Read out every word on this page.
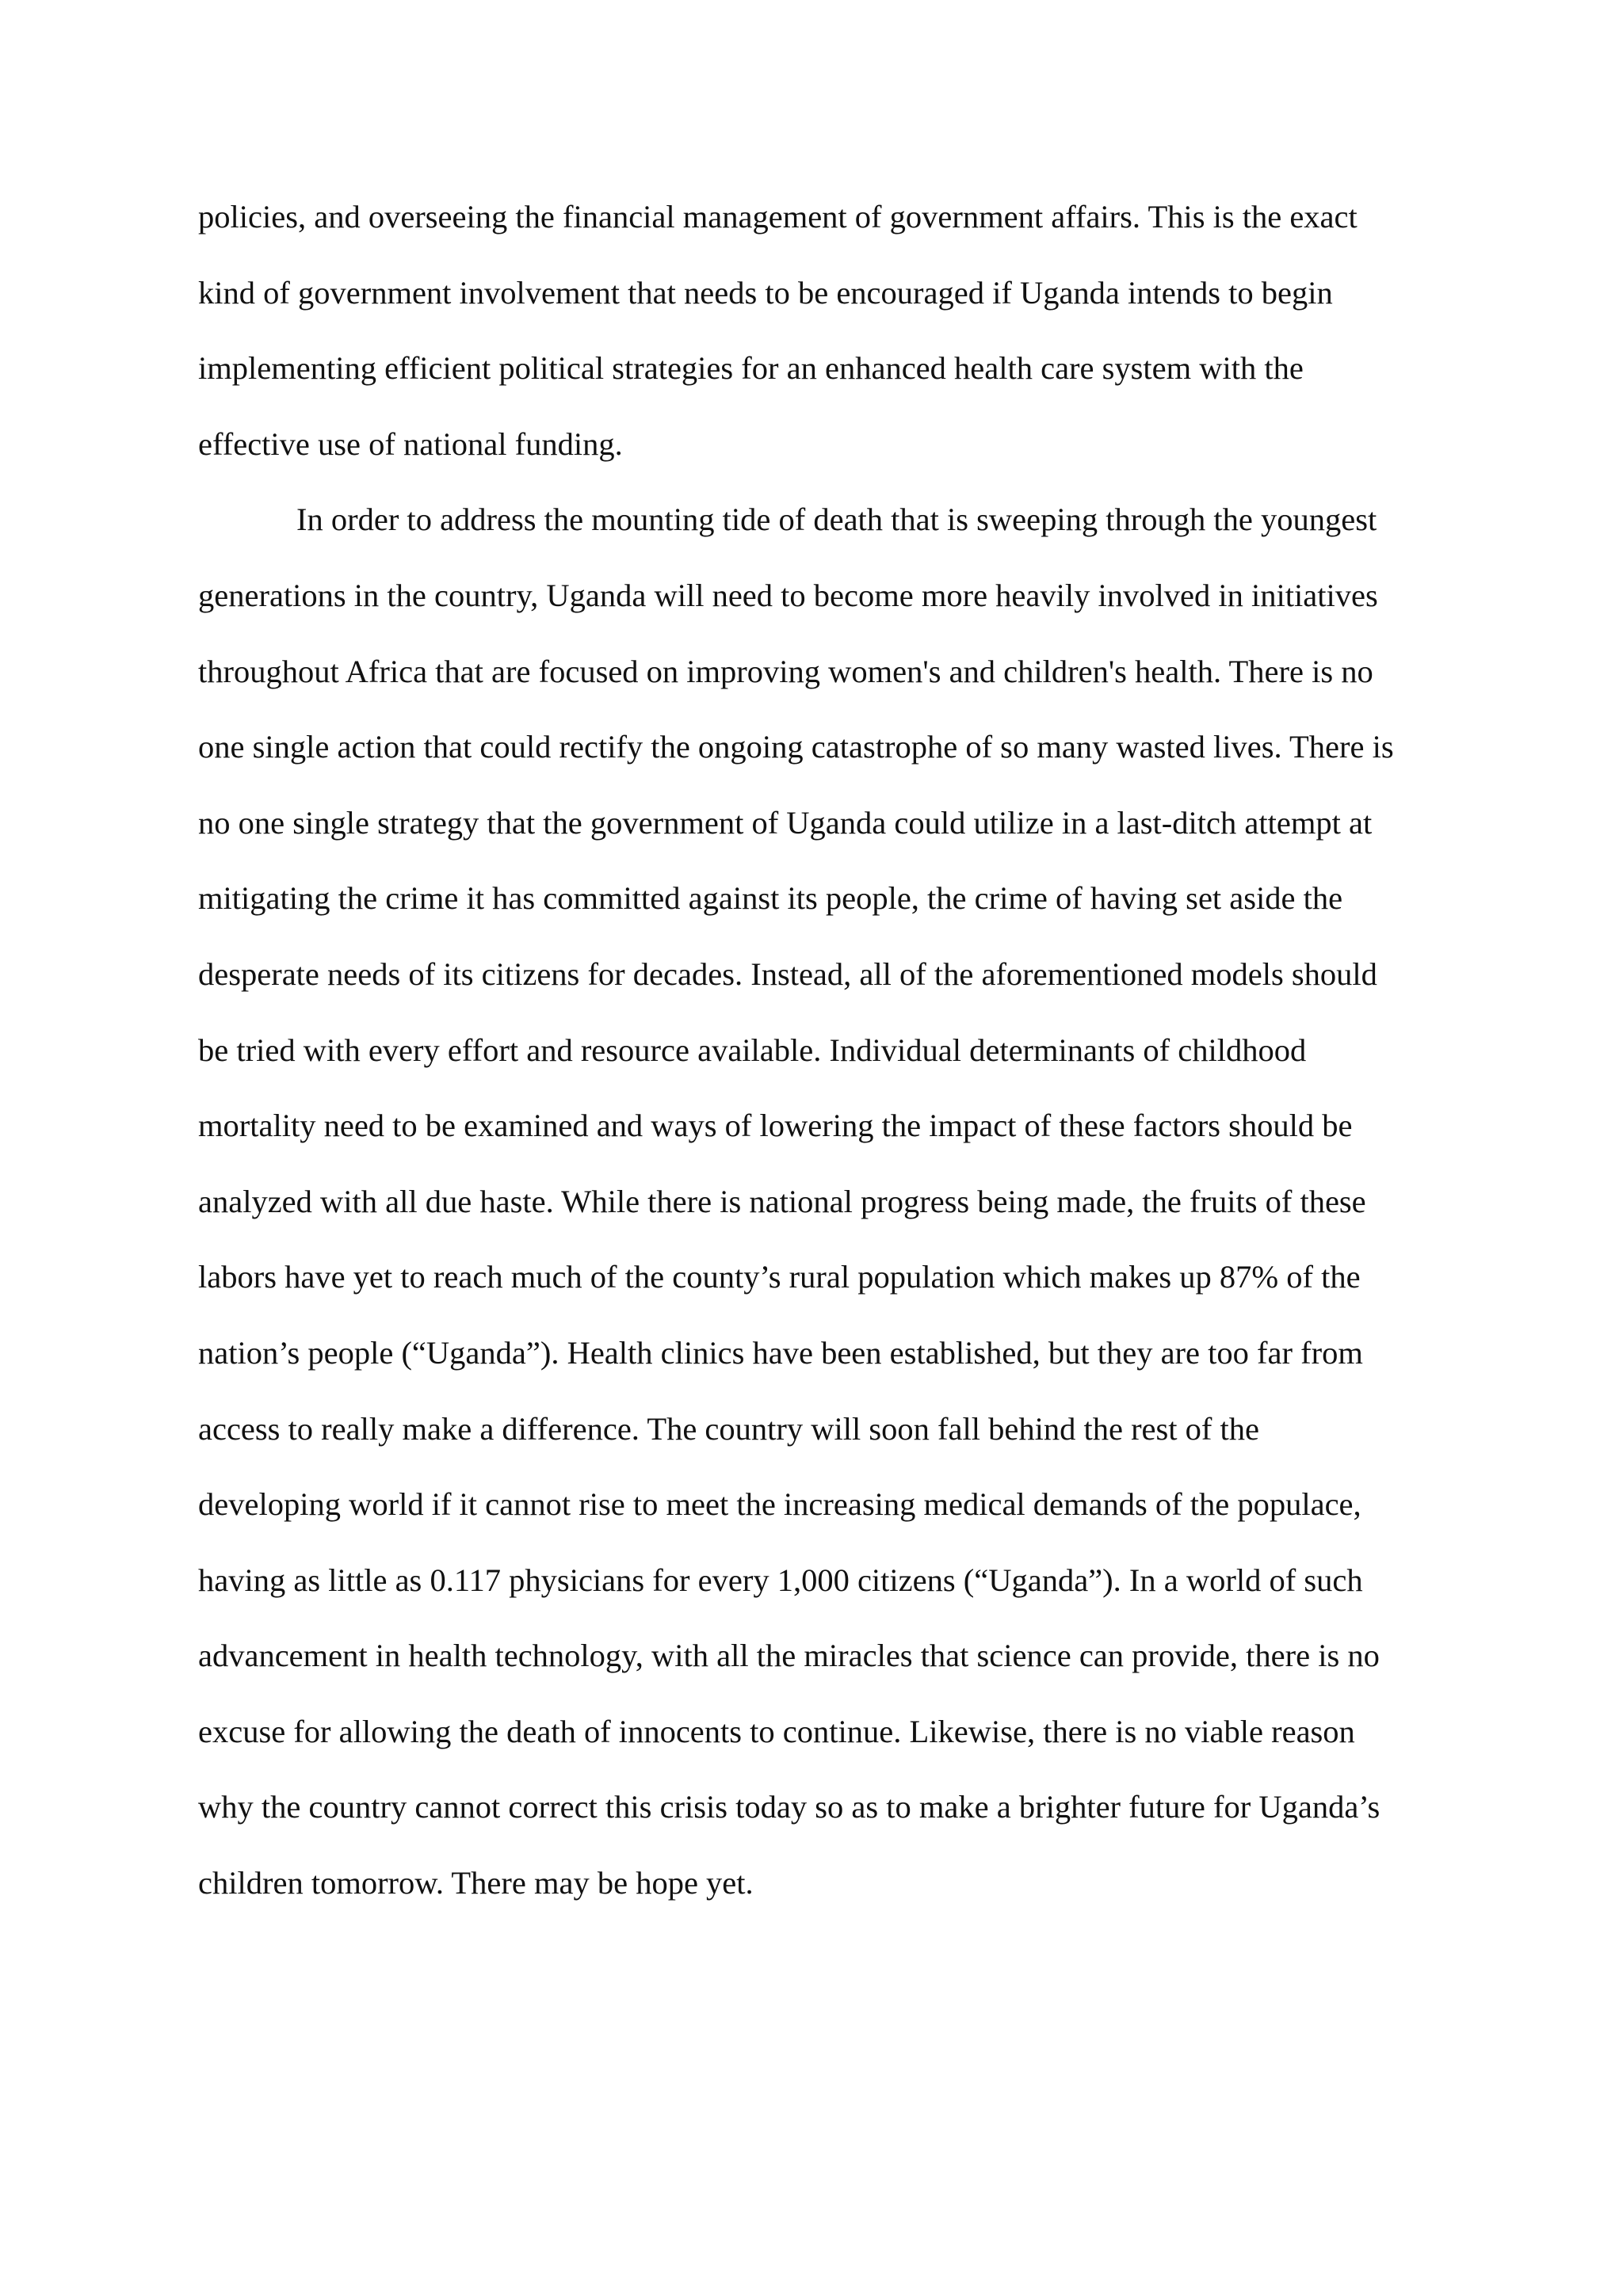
policies, and overseeing the financial management of government affairs. This is the exact
kind of government involvement that needs to be encouraged if Uganda intends to begin
implementing efficient political strategies for an enhanced health care system with the
effective use of national funding.
In order to address the mounting tide of death that is sweeping through the youngest
generations in the country, Uganda will need to become more heavily involved in initiatives
throughout Africa that are focused on improving women's and children's health. There is no
one single action that could rectify the ongoing catastrophe of so many wasted lives. There is
no one single strategy that the government of Uganda could utilize in a last-ditch attempt at
mitigating the crime it has committed against its people, the crime of having set aside the
desperate needs of its citizens for decades. Instead, all of the aforementioned models should
be tried with every effort and resource available. Individual determinants of childhood
mortality need to be examined and ways of lowering the impact of these factors should be
analyzed with all due haste. While there is national progress being made, the fruits of these
labors have yet to reach much of the county’s rural population which makes up 87% of the
nation’s people (“Uganda”). Health clinics have been established, but they are too far from
access to really make a difference. The country will soon fall behind the rest of the
developing world if it cannot rise to meet the increasing medical demands of the populace,
having as little as 0.117 physicians for every 1,000 citizens (“Uganda”). In a world of such
advancement in health technology, with all the miracles that science can provide, there is no
excuse for allowing the death of innocents to continue. Likewise, there is no viable reason
why the country cannot correct this crisis today so as to make a brighter future for Uganda’s
children tomorrow. There may be hope yet.
